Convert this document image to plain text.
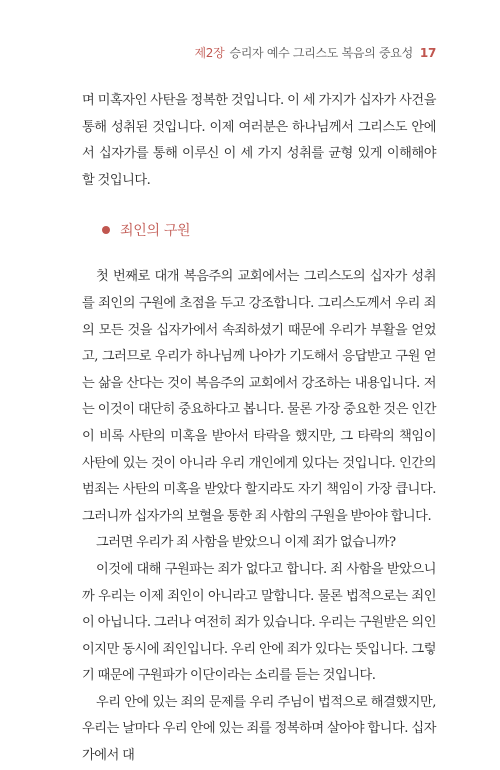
제2장 승리자 예수 그리스도 복음의 중요성 17

며 미혹자인 사탄을 정복한 것입니다. 이 세 가지가 십자가 사건을 통해 성취된 것입니다. 이제 여러분은 하나님께서 그리스도 안에서 십자가를 통해 이루신 이 세 가지 성취를 균형 있게 이해해야 할 것입니다.

죄인의 구원

첫 번째로 대개 복음주의 교회에서는 그리스도의 십자가 성취를 죄인의 구원에 초점을 두고 강조합니다. 그리스도께서 우리 죄의 모든 것을 십자가에서 속죄하셨기 때문에 우리가 부활을 얻었고, 그러므로 우리가 하나님께 나아가 기도해서 응답받고 구원 얻는 삶을 산다는 것이 복음주의 교회에서 강조하는 내용입니다. 저는 이것이 대단히 중요하다고 봅니다. 물론 가장 중요한 것은 인간이 비록 사탄의 미혹을 받아서 타락을 했지만, 그 타락의 책임이 사탄에 있는 것이 아니라 우리 개인에게 있다는 것입니다. 인간의 범죄는 사탄의 미혹을 받았다 할지라도 자기 책임이 가장 큽니다. 그러니까 십자가의 보혈을 통한 죄 사함의 구원을 받아야 합니다.

그러면 우리가 죄 사함을 받았으니 이제 죄가 없습니까?

이것에 대해 구원파는 죄가 없다고 합니다. 죄 사함을 받았으니까 우리는 이제 죄인이 아니라고 말합니다. 물론 법적으로는 죄인이 아닙니다. 그러나 여전히 죄가 있습니다. 우리는 구원받은 의인이지만 동시에 죄인입니다. 우리 안에 죄가 있다는 뜻입니다. 그렇기 때문에 구원파가 이단이라는 소리를 듣는 것입니다.

우리 안에 있는 죄의 문제를 우리 주님이 법적으로 해결했지만, 우리는 날마다 우리 안에 있는 죄를 정복하며 살아야 합니다. 십자가에서 대
